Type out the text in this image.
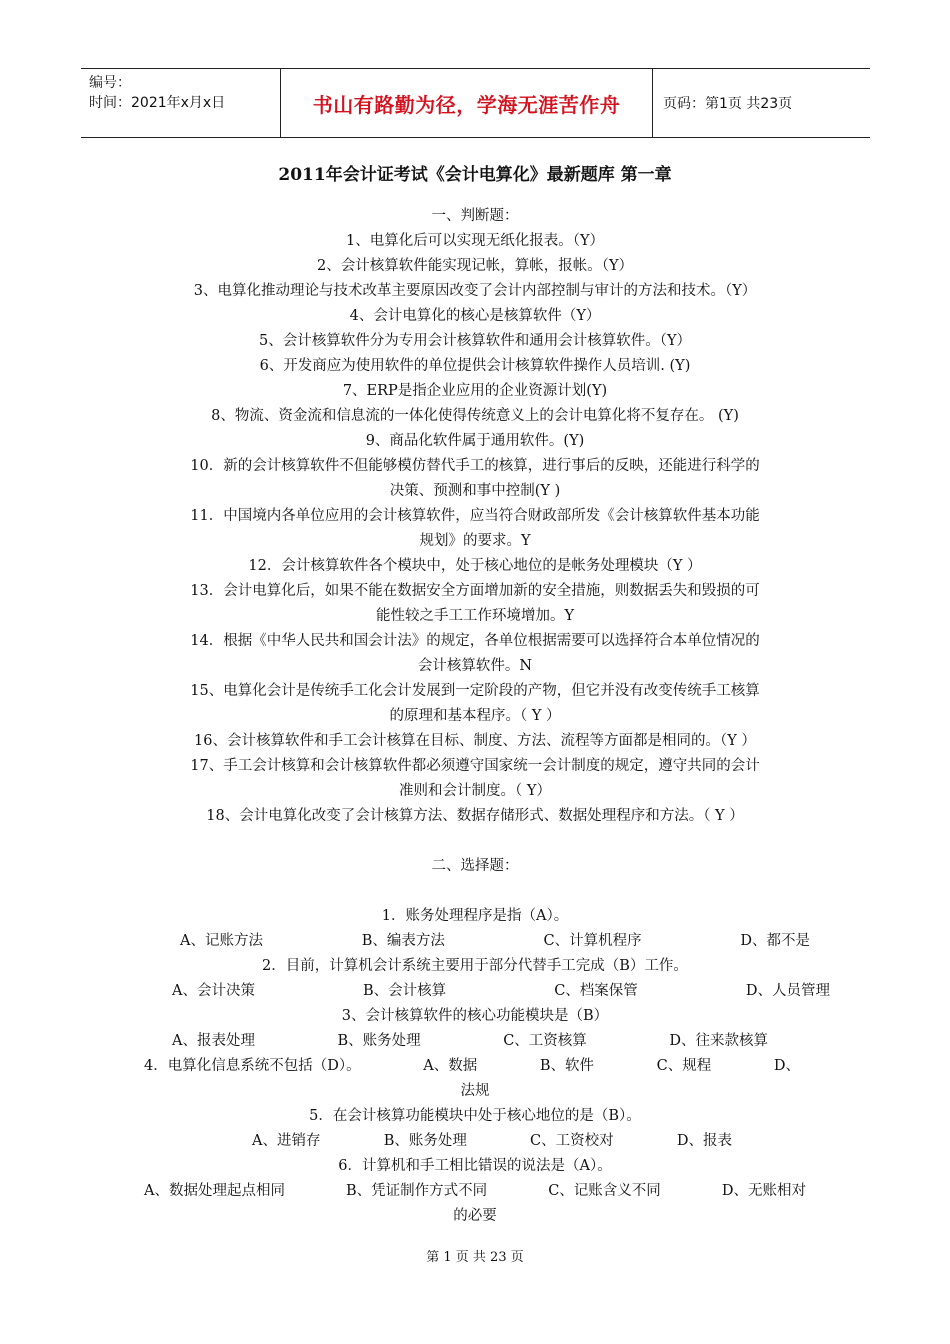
编号：
时间：2021年x月x日	书山有路勤为径，学海无涯苦作舟	页码：第1页 共23页
2011年会计证考试《会计电算化》最新题库 第一章
一、判断题：
1、电算化后可以实现无纸化报表。（Y）
2、会计核算软件能实现记帐，算帐，报帐。（Y）
3、电算化推动理论与技术改革主要原因改变了会计内部控制与审计的方法和技术。（Y）
4、会计电算化的核心是核算软件（Y）
5、会计核算软件分为专用会计核算软件和通用会计核算软件。（Y）
6、开发商应为使用软件的单位提供会计核算软件操作人员培训. (Y)
7、ERP是指企业应用的企业资源计划(Y)
8、物流、资金流和信息流的一体化使得传统意义上的会计电算化将不复存在。 (Y)
9、商品化软件属于通用软件。(Y)
10．新的会计核算软件不但能够模仿替代手工的核算，进行事后的反映，还能进行科学的
决策、预测和事中控制(Y )
11．中国境内各单位应用的会计核算软件，应当符合财政部所发《会计核算软件基本功能
规划》的要求。Y
12．会计核算软件各个模块中，处于核心地位的是帐务处理模块（Y ）
13．会计电算化后，如果不能在数据安全方面增加新的安全措施，则数据丢失和毁损的可
能性较之手工工作环境增加。Y
14．根据《中华人民共和国会计法》的规定，各单位根据需要可以选择符合本单位情况的
会计核算软件。N
15、电算化会计是传统手工化会计发展到一定阶段的产物，但它并没有改变传统手工核算
的原理和基本程序。（ Y ）
16、会计核算软件和手工会计核算在目标、制度、方法、流程等方面都是相同的。（Y ）
17、手工会计核算和会计核算软件都必须遵守国家统一会计制度的规定，遵守共同的会计
准则和会计制度。（ Y）
18、会计电算化改变了会计核算方法、数据存储形式、数据处理程序和方法。（ Y ）
二、选择题：
1．账务处理程序是指（A）。
A、记账方法	B、编表方法	C、计算机程序	D、都不是
2．目前，计算机会计系统主要用于部分代替手工完成（B）工作。
A、会计决策	B、会计核算	C、档案保管	D、人员管理
3、会计核算软件的核心功能模块是（B）
A、报表处理	B、账务处理	C、工资核算	D、往来款核算
4．电算化信息系统不包括（D）。	A、数据	B、软件	C、规程	D、
法规
5．在会计核算功能模块中处于核心地位的是（B）。
A、进销存	B、账务处理	C、工资校对	D、报表
6．计算机和手工相比错误的说法是（A）。
A、数据处理起点相同	B、凭证制作方式不同	C、记账含义不同	D、无账相对
的必要
第 1 页 共 23 页
